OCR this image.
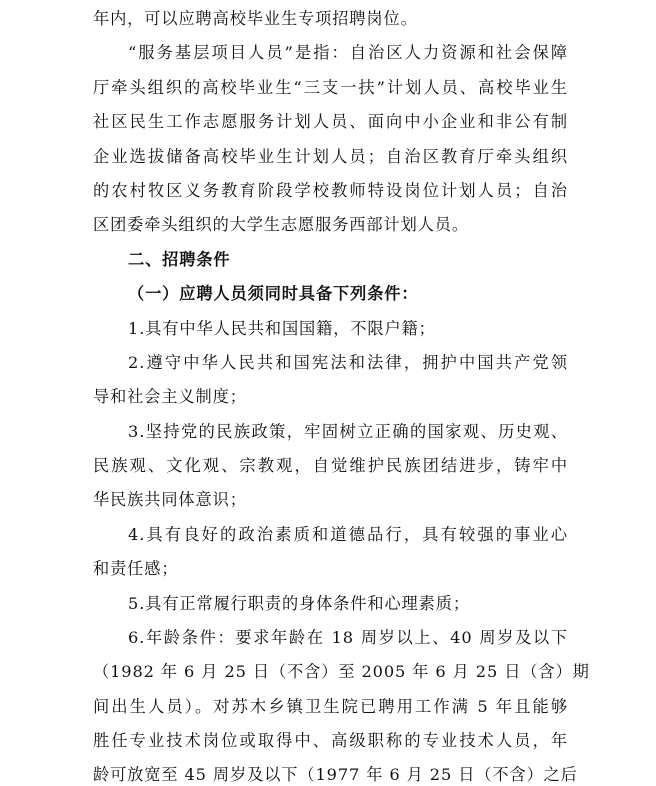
年内，可以应聘高校毕业生专项招聘岗位。
“服务基层项目人员”是指：自治区人力资源和社会保障
厅牵头组织的高校毕业生“三支一扶”计划人员、高校毕业生
社区民生工作志愿服务计划人员、面向中小企业和非公有制
企业选拔储备高校毕业生计划人员；自治区教育厅牵头组织
的农村牧区义务教育阶段学校教师特设岗位计划人员；自治
区团委牵头组织的大学生志愿服务西部计划人员。
二、招聘条件
（一）应聘人员须同时具备下列条件：
1.具有中华人民共和国国籍，不限户籍；
2.遵守中华人民共和国宪法和法律，拥护中国共产党领
导和社会主义制度；
3.坚持党的民族政策，牢固树立正确的国家观、历史观、
民族观、文化观、宗教观，自觉维护民族团结进步，铸牢中
华民族共同体意识；
4.具有良好的政治素质和道德品行，具有较强的事业心
和责任感；
5.具有正常履行职责的身体条件和心理素质；
6.年龄条件：要求年龄在 18 周岁以上、40 周岁及以下
（1982 年 6 月 25 日（不含）至 2005 年 6 月 25 日（含）期
间出生人员）。对苏木乡镇卫生院已聘用工作满 5 年且能够
胜任专业技术岗位或取得中、高级职称的专业技术人员，年
龄可放宽至 45 周岁及以下（1977 年 6 月 25 日（不含）之后
